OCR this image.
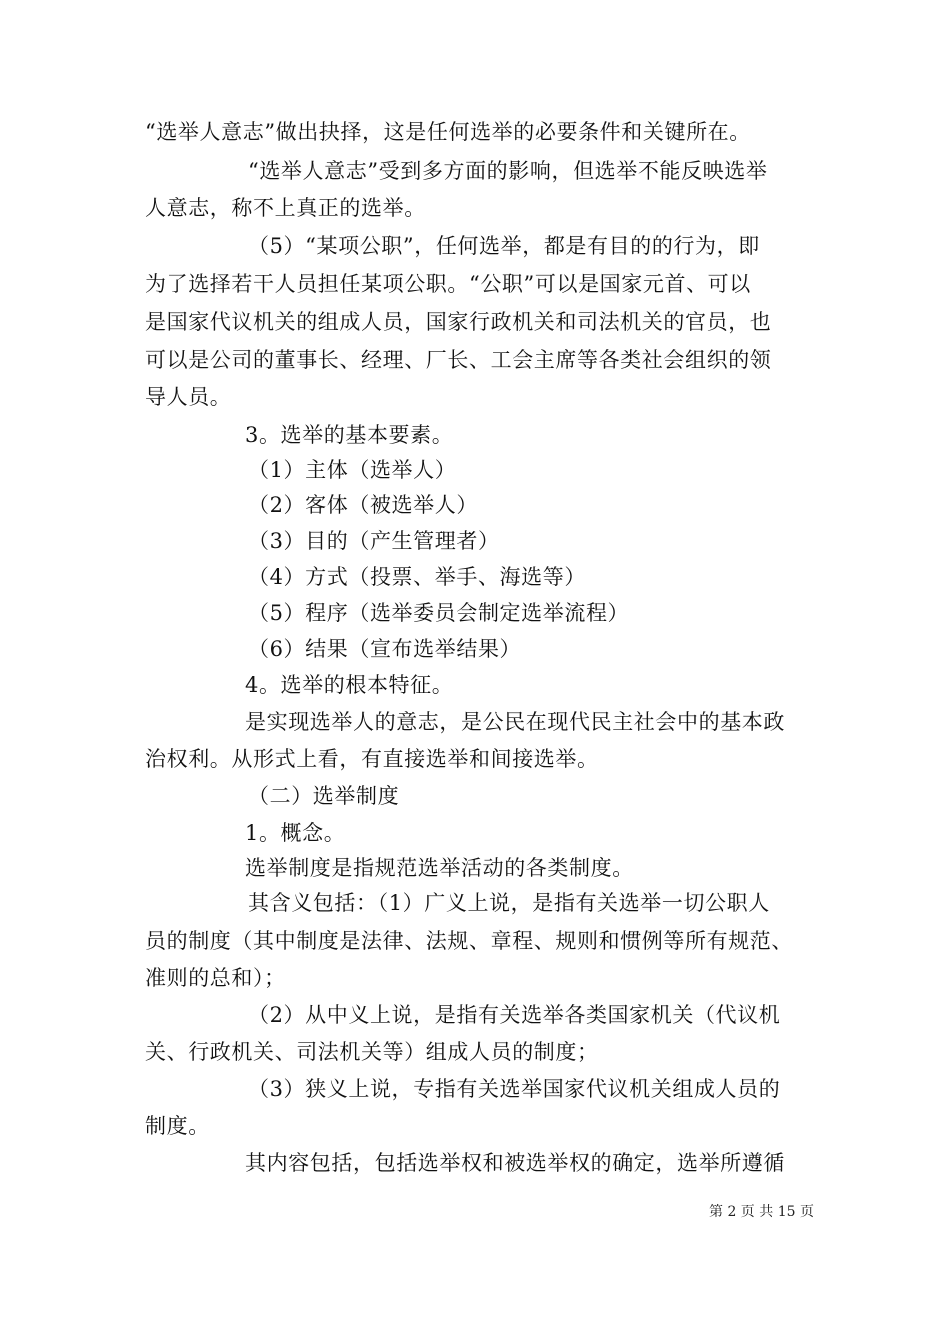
“选举人意志”做出抉择，这是任何选举的必要条件和关键所在。
“选举人意志”受到多方面的影响，但选举不能反映选举
人意志，称不上真正的选举。
（5）“某项公职”，任何选举，都是有目的的行为，即
为了选择若干人员担任某项公职。“公职”可以是国家元首、可以
是国家代议机关的组成人员，国家行政机关和司法机关的官员，也
可以是公司的董事长、经理、厂长、工会主席等各类社会组织的领
导人员。
3。选举的基本要素。
（1）主体（选举人）
（2）客体（被选举人）
（3）目的（产生管理者）
（4）方式（投票、举手、海选等）
（5）程序（选举委员会制定选举流程）
（6）结果（宣布选举结果）
4。选举的根本特征。
是实现选举人的意志，是公民在现代民主社会中的基本政
治权利。从形式上看，有直接选举和间接选举。
（二）选举制度
1。概念。
选举制度是指规范选举活动的各类制度。
其含义包括：（1）广义上说，是指有关选举一切公职人
员的制度（其中制度是法律、法规、章程、规则和惯例等所有规范、
准则的总和）；
（2）从中义上说，是指有关选举各类国家机关（代议机
关、行政机关、司法机关等）组成人员的制度；
（3）狭义上说，专指有关选举国家代议机关组成人员的
制度。
其内容包括，包括选举权和被选举权的确定，选举所遵循
第 2 页 共 15 页
